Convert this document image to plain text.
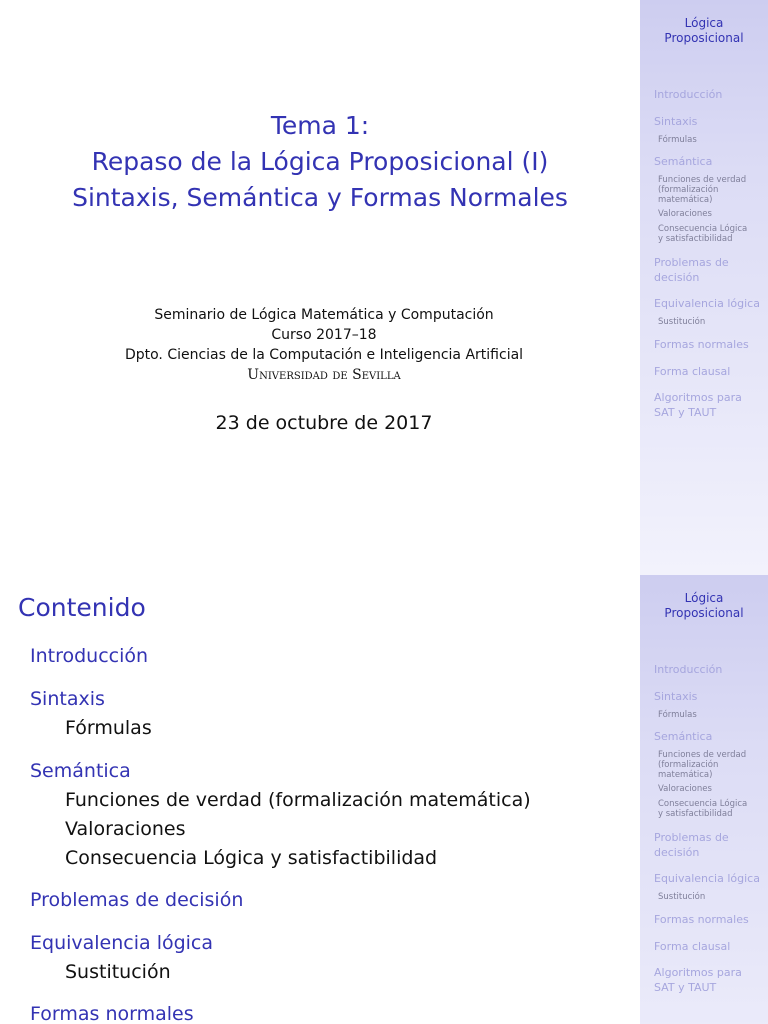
Tema 1:
Repaso de la Lógica Proposicional (I)
Sintaxis, Semántica y Formas Normales
Seminario de Lógica Matemática y Computación
Curso 2017–18
Dpto. Ciencias de la Computación e Inteligencia Artificial
Universidad de Sevilla
23 de octubre de 2017
Lógica
Proposicional
Introducción
Sintaxis
Fórmulas
Semántica
Funciones de verdad
(formalización
matemática)
Valoraciones
Consecuencia Lógica
y satisfactibilidad
Problemas de
decisión
Equivalencia lógica
Sustitución
Formas normales
Forma clausal
Algoritmos para
SAT y TAUT
Contenido
Introducción
Sintaxis
Fórmulas
Semántica
Funciones de verdad (formalización matemática)
Valoraciones
Consecuencia Lógica y satisfactibilidad
Problemas de decisión
Equivalencia lógica
Sustitución
Formas normales
Lógica
Proposicional
Introducción
Sintaxis
Fórmulas
Semántica
Funciones de verdad
(formalización
matemática)
Valoraciones
Consecuencia Lógica
y satisfactibilidad
Problemas de
decisión
Equivalencia lógica
Sustitución
Formas normales
Forma clausal
Algoritmos para
SAT y TAUT
